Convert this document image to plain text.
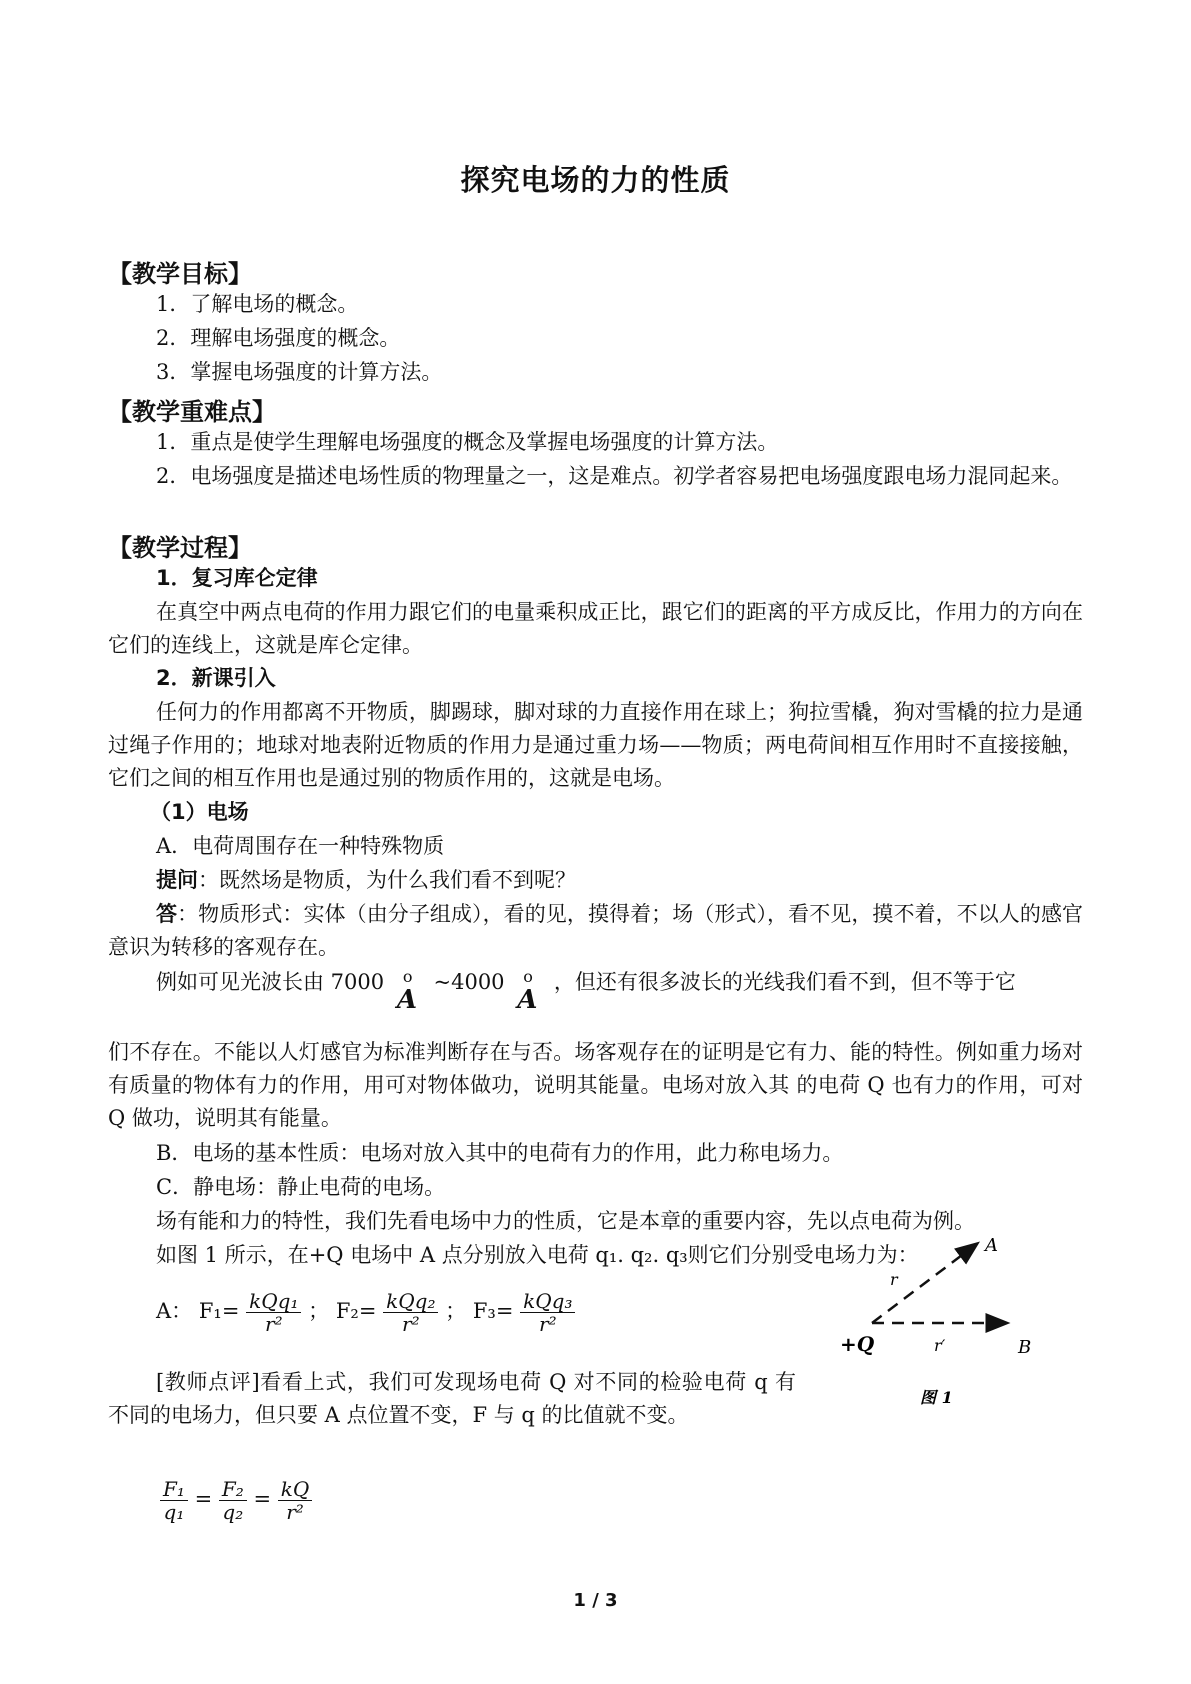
探究电场的力的性质
【教学目标】
1．了解电场的概念。
2．理解电场强度的概念。
3．掌握电场强度的计算方法。
【教学重难点】
1．重点是使学生理解电场强度的概念及掌握电场强度的计算方法。
2．电场强度是描述电场性质的物理量之一，这是难点。初学者容易把电场强度跟电场力混同起来。
【教学过程】
1．复习库仑定律
在真空中两点电荷的作用力跟它们的电量乘积成正比，跟它们的距离的平方成反比，作用力的方向在它们的连线上，这就是库仑定律。
2．新课引入
任何力的作用都离不开物质，脚踢球，脚对球的力直接作用在球上；狗拉雪橇，狗对雪橇的拉力是通过绳子作用的；地球对地表附近物质的作用力是通过重力场——物质；两电荷间相互作用时不直接接触，它们之间的相互作用也是通过别的物质作用的，这就是电场。
（1）电场
A．电荷周围存在一种特殊物质
提问：既然场是物质，为什么我们看不到呢？
答：物质形式：实体（由分子组成），看的见，摸得着；场（形式），看不见，摸不着，不以人的感官意识为转移的客观存在。
例如可见光波长由 7000 o
A
~4000 o
A
，但还有很多波长的光线我们看不到，但不等于它
们不存在。不能以人灯感官为标准判断存在与否。场客观存在的证明是它有力、能的特性。例如重力场对有质量的物体有力的作用，用可对物体做功，说明其能量。电场对放入其 的电荷 Q 也有力的作用，可对 Q 做功，说明其有能量。
B．电场的基本性质：电场对放入其中的电荷有力的作用，此力称电场力。
C．静电场：静止电荷的电场。
场有能和力的特性，我们先看电场中力的性质，它是本章的重要内容，先以点电荷为例。
如图 1 所示，在+Q 电场中 A 点分别放入电荷 q₁. q₂. q₃则它们分别受电场力为：
A： $F_1= \frac{\text{kQq₁}}{\text{r²}}$ ； $F_2= \frac{\text{kQq₂}}{\text{r²}}$ ； $F_3= \frac{\text{kQq₃}}{\text{r²}}$
[教师点评]看看上式，我们可发现场电荷 Q 对不同的检验电荷 q 有不同的电场力，但只要 A 点位置不变，F 与 q 的比值就不变。
$\frac{\text{F₁}}{\text{q₁}} = \frac{\text{F₂}}{\text{q₂}} = \frac{kQ}{\text{r²}}$
A
B
+Q
r
r′
图 1
1 / 3
